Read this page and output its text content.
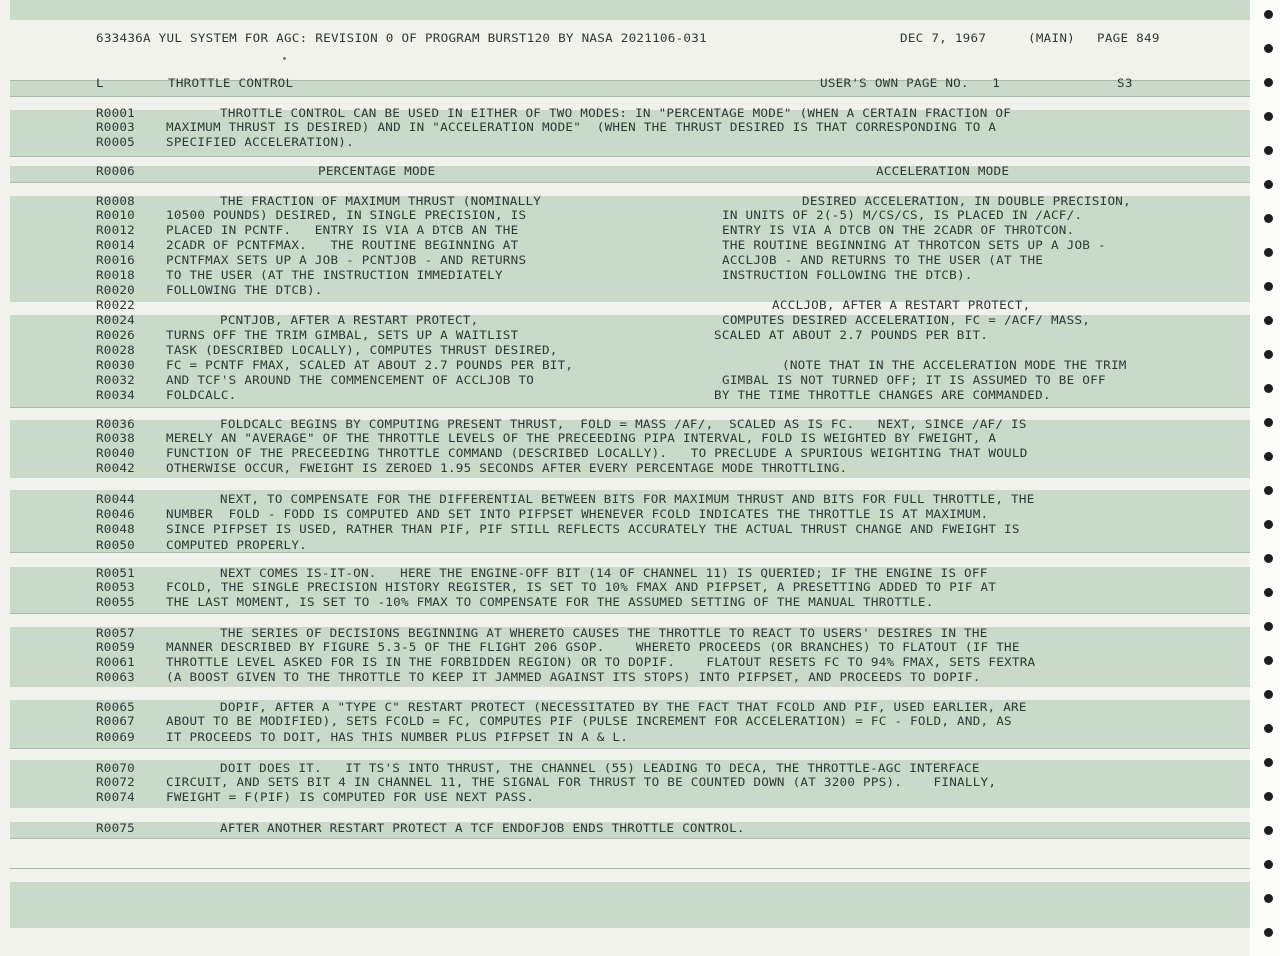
633436A YUL SYSTEM FOR AGC: REVISION 0 OF PROGRAM BURST120 BY NASA 2021106-031	DEC 7, 1967	(MAIN) PAGE 849
L	THROTTLE CONTROL	USER'S OWN PAGE NO.   1	S3
R0001	THROTTLE CONTROL CAN BE USED IN EITHER OF TWO MODES: IN "PERCENTAGE MODE" (WHEN A CERTAIN FRACTION OF
R0003 MAXIMUM THRUST IS DESIRED) AND IN "ACCELERATION MODE"  (WHEN THE THRUST DESIRED IS THAT CORRESPONDING TO A
R0005 SPECIFIED ACCELERATION).
R0006	PERCENTAGE MODE	ACCELERATION MODE
R0008	THE FRACTION OF MAXIMUM THRUST (NOMINALLY	DESIRED ACCELERATION, IN DOUBLE PRECISION,
R0010 10500 POUNDS) DESIRED, IN SINGLE PRECISION, IS	IN UNITS OF 2(-5) M/CS/CS, IS PLACED IN /ACF/.
R0012 PLACED IN PCNTF.   ENTRY IS VIA A DTCB AN THE	ENTRY IS VIA A DTCB ON THE 2CADR OF THROTCON.
R0014 2CADR OF PCNTFMAX.   THE ROUTINE BEGINNING AT	THE ROUTINE BEGINNING AT THROTCON SETS UP A JOB -
R0016 PCNTFMAX SETS UP A JOB - PCNTJOB - AND RETURNS	ACCLJOB - AND RETURNS TO THE USER (AT THE
R0018 TO THE USER (AT THE INSTRUCTION IMMEDIATELY	INSTRUCTION FOLLOWING THE DTCB).
R0020 FOLLOWING THE DTCB).
R0022	ACCLJOB, AFTER A RESTART PROTECT,
R0024	PCNTJOB, AFTER A RESTART PROTECT,	COMPUTES DESIRED ACCELERATION, FC = /ACF/ MASS,
R0026 TURNS OFF THE TRIM GIMBAL, SETS UP A WAITLIST	SCALED AT ABOUT 2.7 POUNDS PER BIT.
R0028 TASK (DESCRIBED LOCALLY), COMPUTES THRUST DESIRED,
R0030 FC = PCNTF FMAX, SCALED AT ABOUT 2.7 POUNDS PER BIT,	(NOTE THAT IN THE ACCELERATION MODE THE TRIM
R0032 AND TCF'S AROUND THE COMMENCEMENT OF ACCLJOB TO	GIMBAL IS NOT TURNED OFF; IT IS ASSUMED TO BE OFF
R0034 FOLDCALC.	BY THE TIME THROTTLE CHANGES ARE COMMANDED.
R0036	FOLDCALC BEGINS BY COMPUTING PRESENT THRUST,  FOLD = MASS /AF/,  SCALED AS IS FC.   NEXT, SINCE /AF/ IS
R0038 MERELY AN "AVERAGE" OF THE THROTTLE LEVELS OF THE PRECEEDING PIPA INTERVAL, FOLD IS WEIGHTED BY FWEIGHT, A
R0040 FUNCTION OF THE PRECEEDING THROTTLE COMMAND (DESCRIBED LOCALLY).   TO PRECLUDE A SPURIOUS WEIGHTING THAT WOULD
R0042 OTHERWISE OCCUR, FWEIGHT IS ZEROED 1.95 SECONDS AFTER EVERY PERCENTAGE MODE THROTTLING.
R0044	NEXT, TO COMPENSATE FOR THE DIFFERENTIAL BETWEEN BITS FOR MAXIMUM THRUST AND BITS FOR FULL THROTTLE, THE
R0046 NUMBER  FOLD - FODD IS COMPUTED AND SET INTO PIFPSET WHENEVER FCOLD INDICATES THE THROTTLE IS AT MAXIMUM.
R0048 SINCE PIFPSET IS USED, RATHER THAN PIF, PIF STILL REFLECTS ACCURATELY THE ACTUAL THRUST CHANGE AND FWEIGHT IS
R0050 COMPUTED PROPERLY.
R0051	NEXT COMES IS-IT-ON.   HERE THE ENGINE-OFF BIT (14 OF CHANNEL 11) IS QUERIED; IF THE ENGINE IS OFF
R0053 FCOLD, THE SINGLE PRECISION HISTORY REGISTER, IS SET TO 10% FMAX AND PIFPSET, A PRESETTING ADDED TO PIF AT
R0055 THE LAST MOMENT, IS SET TO -10% FMAX TO COMPENSATE FOR THE ASSUMED SETTING OF THE MANUAL THROTTLE.
R0057	THE SERIES OF DECISIONS BEGINNING AT WHERETO CAUSES THE THROTTLE TO REACT TO USERS' DESIRES IN THE
R0059 MANNER DESCRIBED BY FIGURE 5.3-5 OF THE FLIGHT 206 GSOP.    WHERETO PROCEEDS (OR BRANCHES) TO FLATOUT (IF THE
R0061 THROTTLE LEVEL ASKED FOR IS IN THE FORBIDDEN REGION) OR TO DOPIF.    FLATOUT RESETS FC TO 94% FMAX, SETS FEXTRA
R0063 (A BOOST GIVEN TO THE THROTTLE TO KEEP IT JAMMED AGAINST ITS STOPS) INTO PIFPSET, AND PROCEEDS TO DOPIF.
R0065	DOPIF, AFTER A "TYPE C" RESTART PROTECT (NECESSITATED BY THE FACT THAT FCOLD AND PIF, USED EARLIER, ARE
R0067 ABOUT TO BE MODIFIED), SETS FCOLD = FC, COMPUTES PIF (PULSE INCREMENT FOR ACCELERATION) = FC - FOLD, AND, AS
R0069 IT PROCEEDS TO DOIT, HAS THIS NUMBER PLUS PIFPSET IN A & L.
R0070	DOIT DOES IT.   IT TS'S INTO THRUST, THE CHANNEL (55) LEADING TO DECA, THE THROTTLE-AGC INTERFACE
R0072 CIRCUIT, AND SETS BIT 4 IN CHANNEL 11, THE SIGNAL FOR THRUST TO BE COUNTED DOWN (AT 3200 PPS).    FINALLY,
R0074 FWEIGHT = F(PIF) IS COMPUTED FOR USE NEXT PASS.
R0075	AFTER ANOTHER RESTART PROTECT A TCF ENDOFJOB ENDS THROTTLE CONTROL.
